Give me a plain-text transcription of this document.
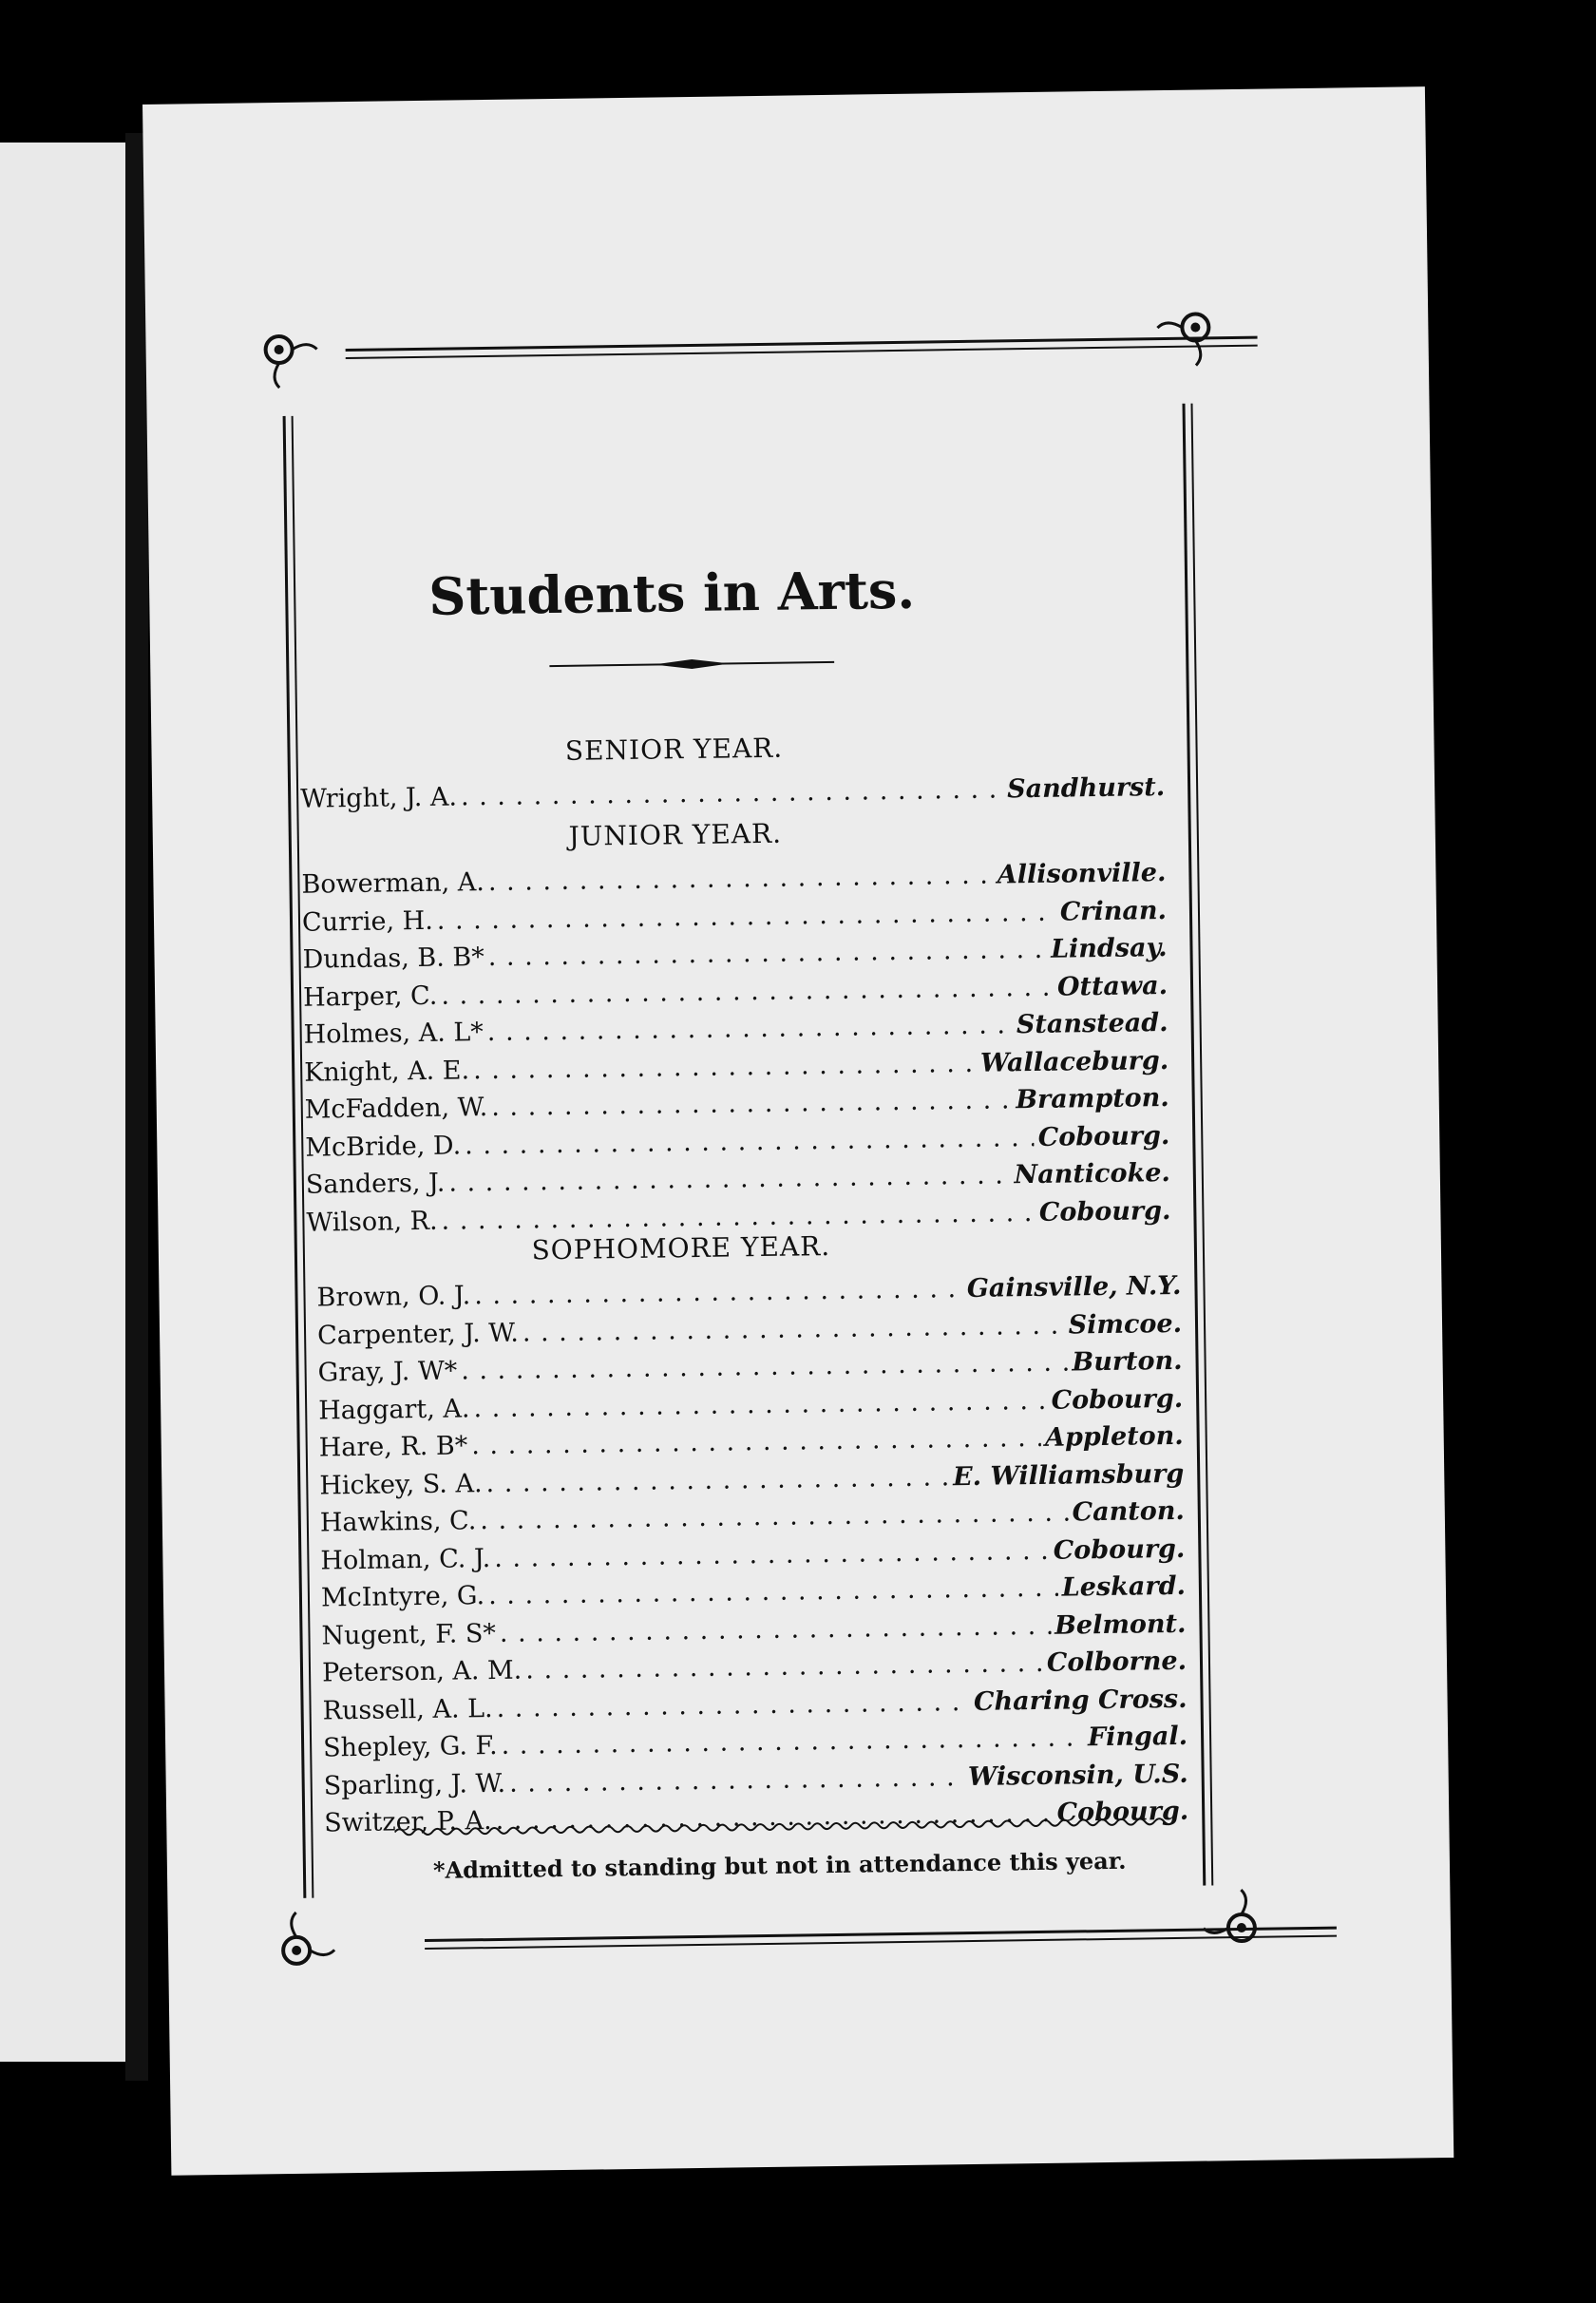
Students in Arts.
SENIOR YEAR.
Wright, J. A. . . .	Sandhurst.
JUNIOR YEAR.
Bowerman, A. . . .	Allisonville.
Currie, H. . . .	Crinan.
Dundas, B. B* . . .	Lindsay.
Harper, C. . . .	Ottawa.
Holmes, A. L* . . .	Stanstead.
Knight, A. E. . . .	Wallaceburg.
McFadden, W. . . .	Brampton.
McBride, D. . . .	Cobourg.
Sanders, J. . . .	Nanticoke.
Wilson, R. . . .	Cobourg.
SOPHOMORE YEAR.
Brown, O. J. . . .	Gainsville, N.Y.
Carpenter, J. W. . . .	Simcoe.
Gray, J. W* . . .	Burton.
Haggart, A. . . .	Cobourg.
Hare, R. B* . . .	Appleton.
Hickey, S. A. . . .	E. Williamsburg
Hawkins, C. . . .	Canton.
Holman, C. J. . . .	Cobourg.
McIntyre, G. . . .	Leskard.
Nugent, F. S* . . .	Belmont.
Peterson, A. M. . . .	Colborne.
Russell, A. L. . . .	Charing Cross.
Shepley, G. F. . . .	Fingal.
Sparling, J. W. . . .	Wisconsin, U.S.
Switzer, P. A. . . .	Cobourg.
*Admitted to standing but not in attendance this year.
